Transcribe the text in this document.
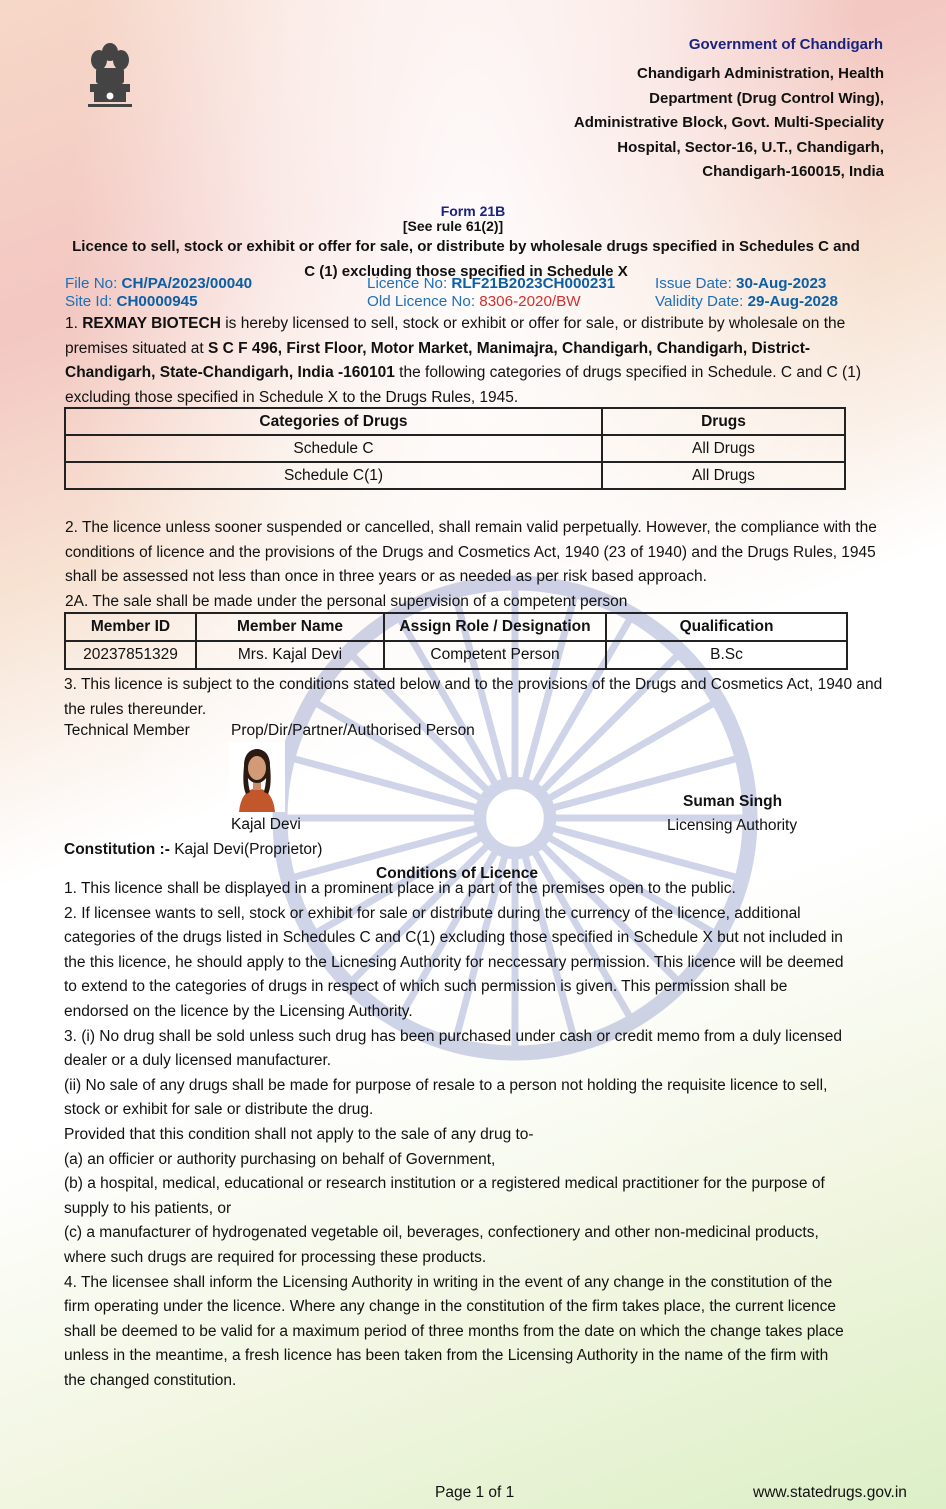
Government of Chandigarh
Chandigarh Administration, Health
Department (Drug Control Wing),
Administrative Block, Govt. Multi-Speciality
Hospital, Sector-16, U.T., Chandigarh,
Chandigarh-160015, India
Form 21B
[See rule 61(2)]
Licence to sell, stock or exhibit or offer for sale, or distribute by wholesale drugs specified in Schedules C and
C (1) excluding those specified in Schedule X
File No: CH/PA/2023/00040
Site Id: CH0000945
Licence No: RLF21B2023CH000231
Old Licence No: 8306-2020/BW
Issue Date: 30-Aug-2023
Validity Date: 29-Aug-2028
1. REXMAY BIOTECH is hereby licensed to sell, stock or exhibit or offer for sale, or distribute by wholesale on the premises situated at S C F 496, First Floor, Motor Market, Manimajra, Chandigarh, Chandigarh, District-Chandigarh, State-Chandigarh, India -160101 the following categories of drugs specified in Schedule. C and C (1) excluding those specified in Schedule X to the Drugs Rules, 1945.
Categories of Drugs	Drugs
Schedule C	All Drugs
Schedule C(1)	All Drugs
2. The licence unless sooner suspended or cancelled, shall remain valid perpetually. However, the compliance with the conditions of licence and the provisions of the Drugs and Cosmetics Act, 1940 (23 of 1940) and the Drugs Rules, 1945 shall be assessed not less than once in three years or as needed as per risk based approach.
2A. The sale shall be made under the personal supervision of a competent person
Member ID	Member Name	Assign Role / Designation	Qualification
20237851329	Mrs. Kajal Devi	Competent Person	B.Sc
3. This licence is subject to the conditions stated below and to the provisions of the Drugs and Cosmetics Act, 1940 and the rules thereunder.
Technical Member	Prop/Dir/Partner/Authorised Person
Kajal Devi
Suman Singh
Licensing Authority
Constitution :- Kajal Devi(Proprietor)
Conditions of Licence
1. This licence shall be displayed in a prominent place in a part of the premises open to the public.
2. If licensee wants to sell, stock or exhibit for sale or distribute during the currency of the licence, additional
categories of the drugs listed in Schedules C and C(1) excluding those specified in Schedule X but not included in
the this licence, he should apply to the Licnesing Authority for neccessary permission. This licence will be deemed
to extend to the categories of drugs in respect of which such permission is given. This permission shall be
endorsed on the licence by the Licensing Authority.
3. (i) No drug shall be sold unless such drug has been purchased under cash or credit memo from a duly licensed
dealer or a duly licensed manufacturer.
(ii) No sale of any drugs shall be made for purpose of resale to a person not holding the requisite licence to sell,
stock or exhibit for sale or distribute the drug.
Provided that this condition shall not apply to the sale of any drug to-
(a) an officier or authority purchasing on behalf of Government,
(b) a hospital, medical, educational or research institution or a registered medical practitioner for the purpose of
supply to his patients, or
(c) a manufacturer of hydrogenated vegetable oil, beverages, confectionery and other non-medicinal products,
where such drugs are required for processing these products.
4. The licensee shall inform the Licensing Authority in writing in the event of any change in the constitution of the
firm operating under the licence. Where any change in the constitution of the firm takes place, the current licence
shall be deemed to be valid for a maximum period of three months from the date on which the change takes place
unless in the meantime, a fresh licence has been taken from the Licensing Authority in the name of the firm with
the changed constitution.
Page 1 of 1	www.statedrugs.gov.in
